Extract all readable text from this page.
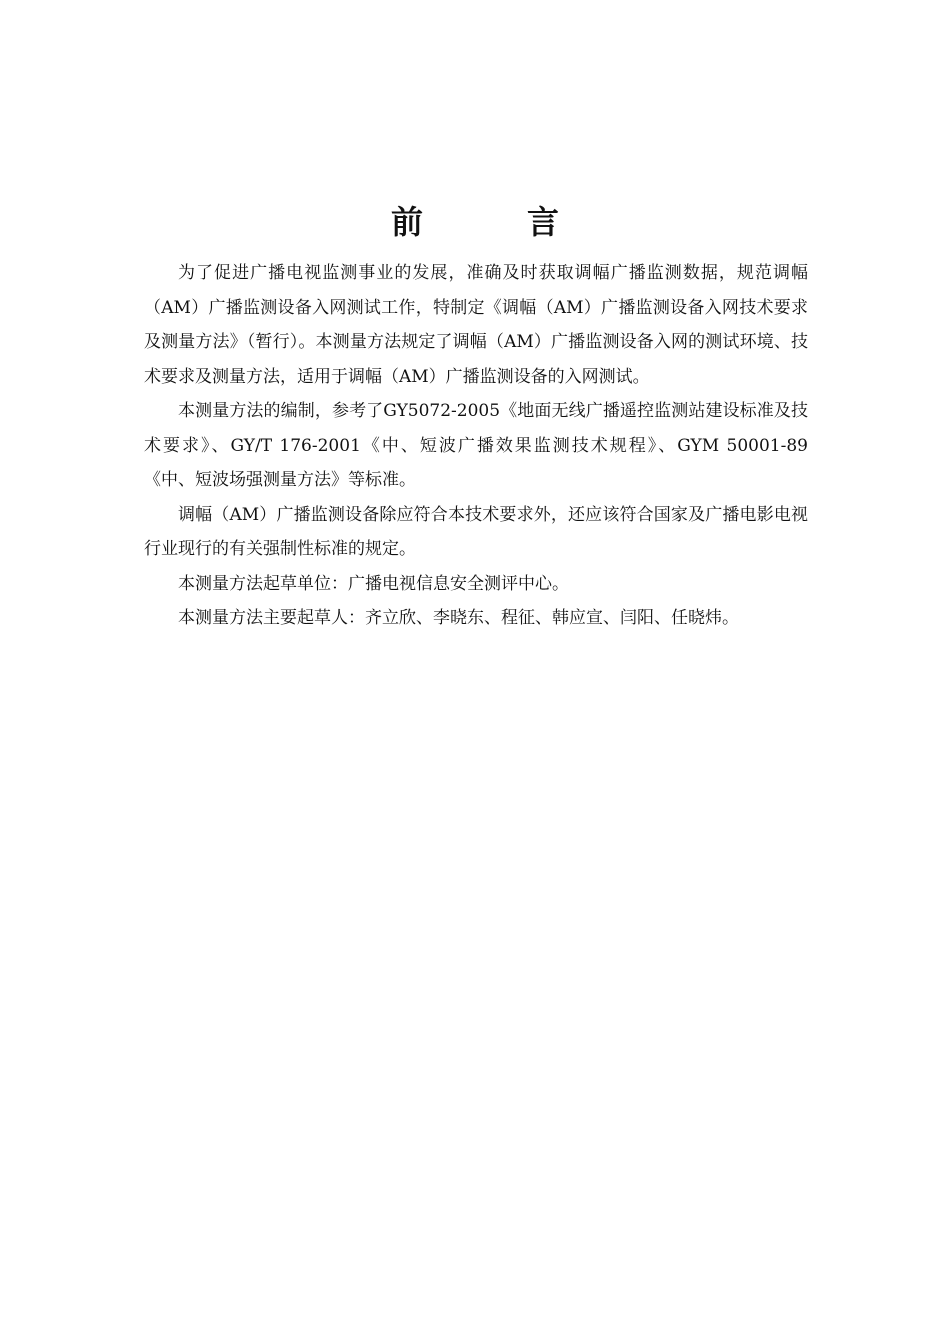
前　言

为了促进广播电视监测事业的发展，准确及时获取调幅广播监测数据，规范调幅（AM）广播监测设备入网测试工作，特制定《调幅（AM）广播监测设备入网技术要求及测量方法》（暂行）。本测量方法规定了调幅（AM）广播监测设备入网的测试环境、技术要求及测量方法，适用于调幅（AM）广播监测设备的入网测试。

本测量方法的编制，参考了GY5072-2005《地面无线广播遥控监测站建设标准及技术要求》、GY/T 176-2001《中、短波广播效果监测技术规程》、GYM 50001-89《中、短波场强测量方法》等标准。

调幅（AM）广播监测设备除应符合本技术要求外，还应该符合国家及广播电影电视行业现行的有关强制性标准的规定。

本测量方法起草单位：广播电视信息安全测评中心。

本测量方法主要起草人：齐立欣、李晓东、程征、韩应宣、闫阳、任晓炜。
